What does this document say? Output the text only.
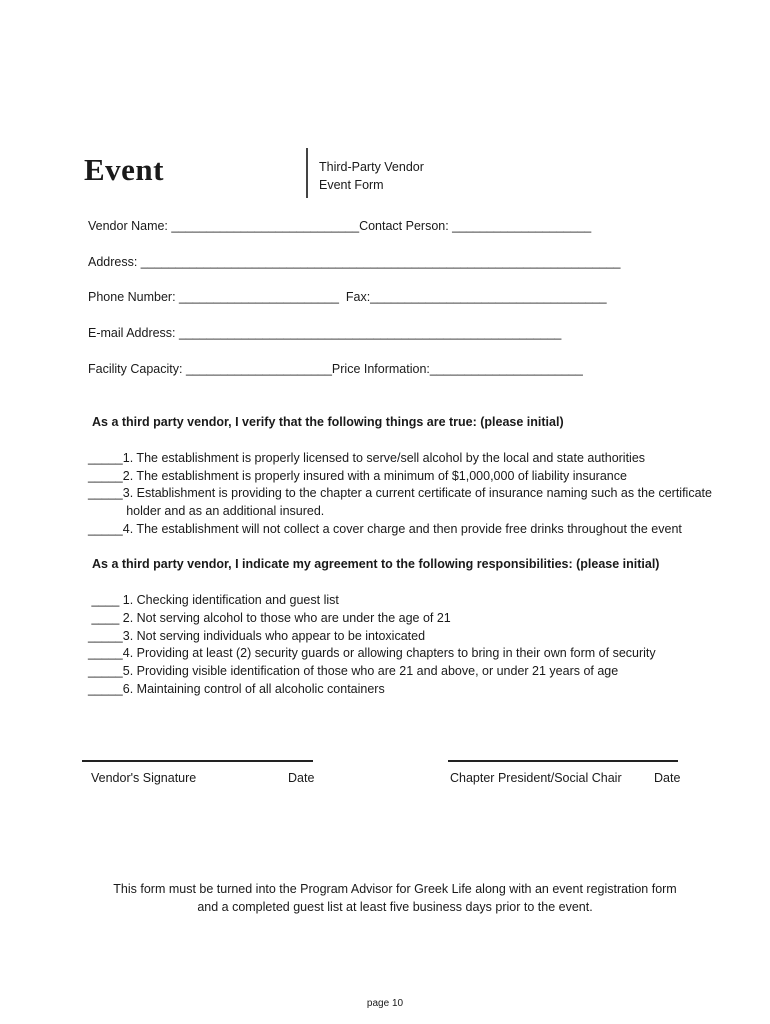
Event	Third-Party Vendor
Event Form
Vendor Name: ___________________________Contact Person: ____________________
Address: _____________________________________________________________________
Phone Number: _______________________  Fax:__________________________________
E-mail Address: _______________________________________________________
Facility Capacity: _____________________Price Information:______________________
As a third party vendor, I verify that the following things are true: (please initial)
_____1. The establishment is properly licensed to serve/sell alcohol by the local and state authorities
_____2. The establishment is properly insured with a minimum of $1,000,000 of liability insurance
_____3. Establishment is providing to the chapter a current certificate of insurance naming such as the certificate
holder and as an additional insured.
_____4. The establishment will not collect a cover charge and then provide free drinks throughout the event
As a third party vendor, I indicate my agreement to the following responsibilities: (please initial)
____ 1. Checking identification and guest list
____ 2. Not serving alcohol to those who are under the age of 21
_____3. Not serving individuals who appear to be intoxicated
_____4. Providing at least (2) security guards or allowing chapters to bring in their own form of security
_____5. Providing visible identification of those who are 21 and above, or under 21 years of age
_____6. Maintaining control of all alcoholic containers
Vendor's Signature	Date	Chapter President/Social Chair	Date
This form must be turned into the Program Advisor for Greek Life along with an event registration form
and a completed guest list at least five business days prior to the event.
page 10
